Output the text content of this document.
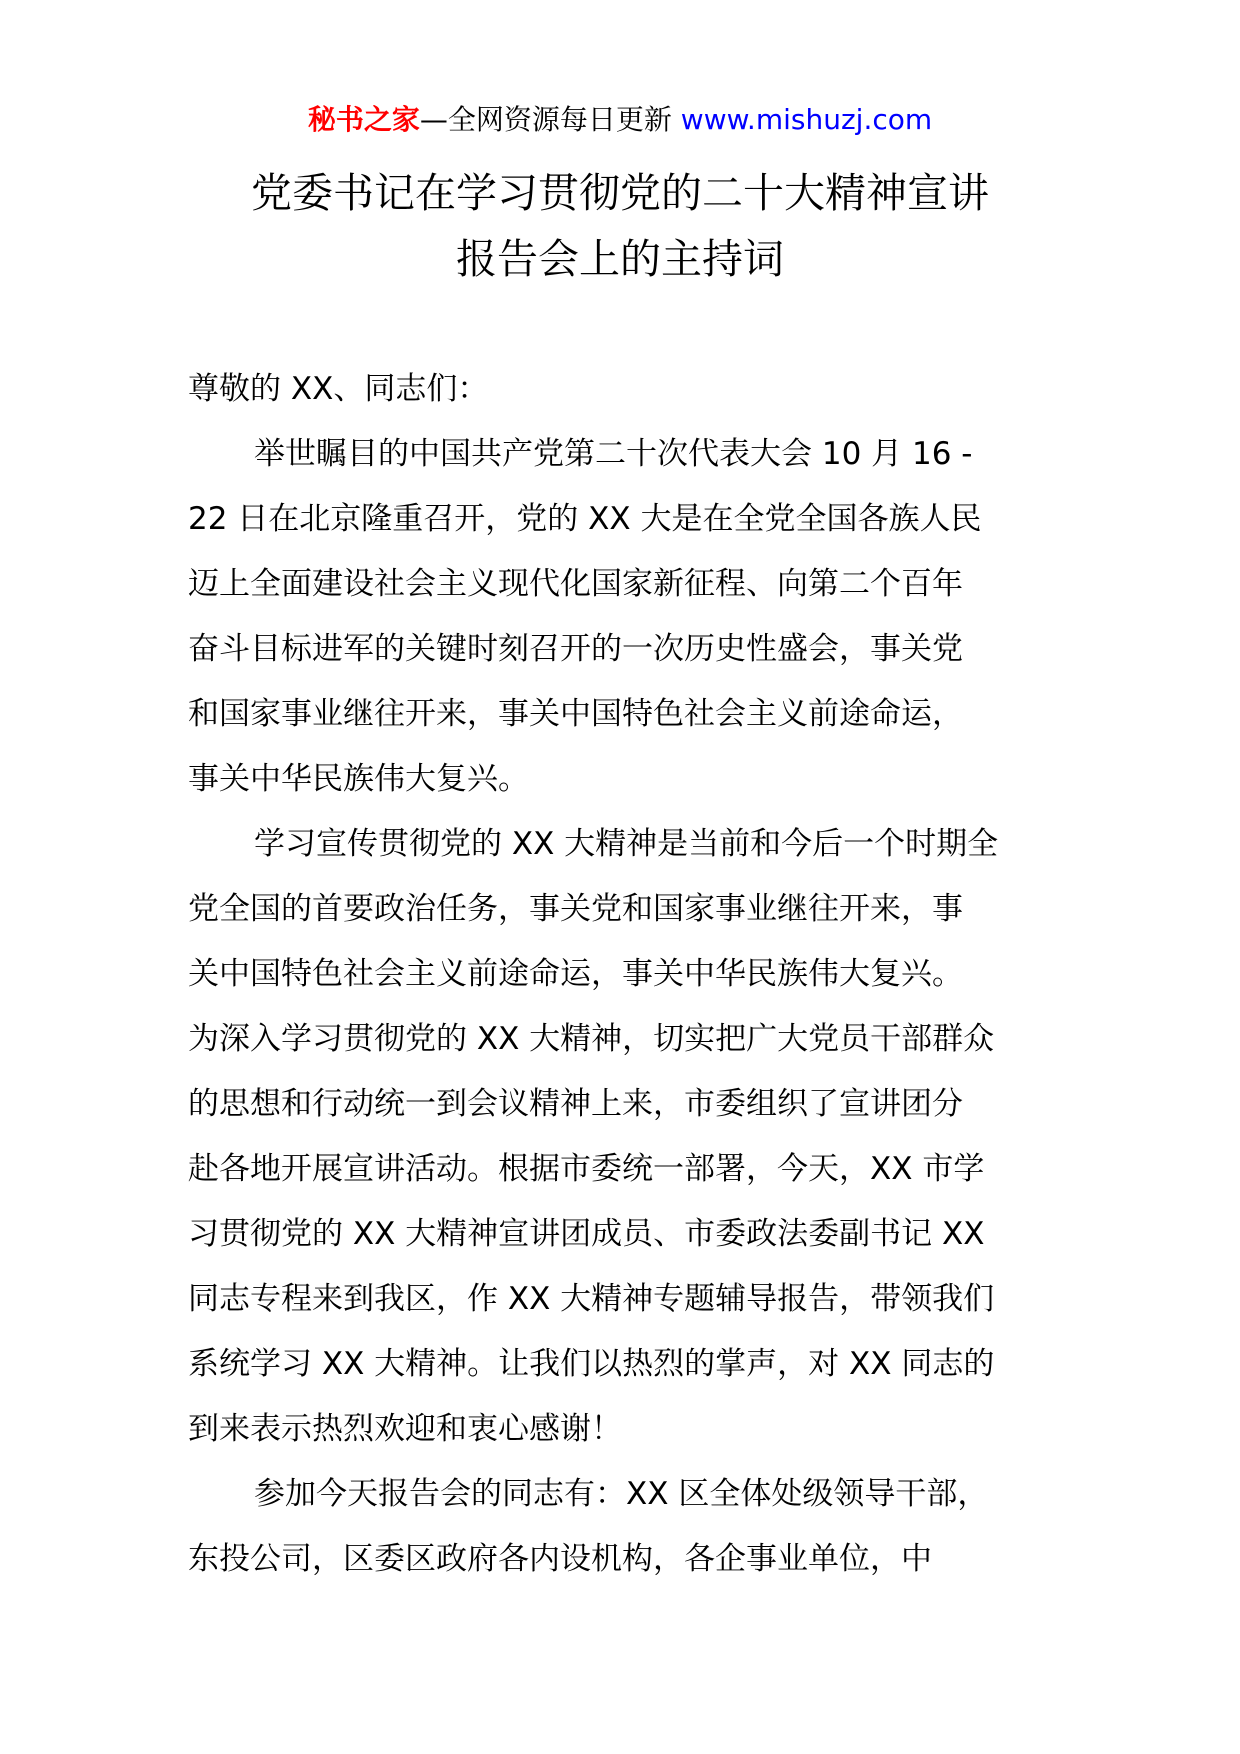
秘书之家—全网资源每日更新 www.mishuzj.com
党委书记在学习贯彻党的二十大精神宣讲
报告会上的主持词
尊敬的 XX、同志们：
举世瞩目的中国共产党第二十次代表大会 10 月 16 -
22 日在北京隆重召开，党的 XX 大是在全党全国各族人民
迈上全面建设社会主义现代化国家新征程、向第二个百年
奋斗目标进军的关键时刻召开的一次历史性盛会，事关党
和国家事业继往开来，事关中国特色社会主义前途命运，
事关中华民族伟大复兴。
学习宣传贯彻党的 XX 大精神是当前和今后一个时期全
党全国的首要政治任务，事关党和国家事业继往开来，事
关中国特色社会主义前途命运，事关中华民族伟大复兴。
为深入学习贯彻党的 XX 大精神，切实把广大党员干部群众
的思想和行动统一到会议精神上来，市委组织了宣讲团分
赴各地开展宣讲活动。根据市委统一部署，今天，XX 市学
习贯彻党的 XX 大精神宣讲团成员、市委政法委副书记 XX
同志专程来到我区，作 XX 大精神专题辅导报告，带领我们
系统学习 XX 大精神。让我们以热烈的掌声，对 XX 同志的
到来表示热烈欢迎和衷心感谢！
参加今天报告会的同志有：XX 区全体处级领导干部，
东投公司，区委区政府各内设机构，各企事业单位，中
